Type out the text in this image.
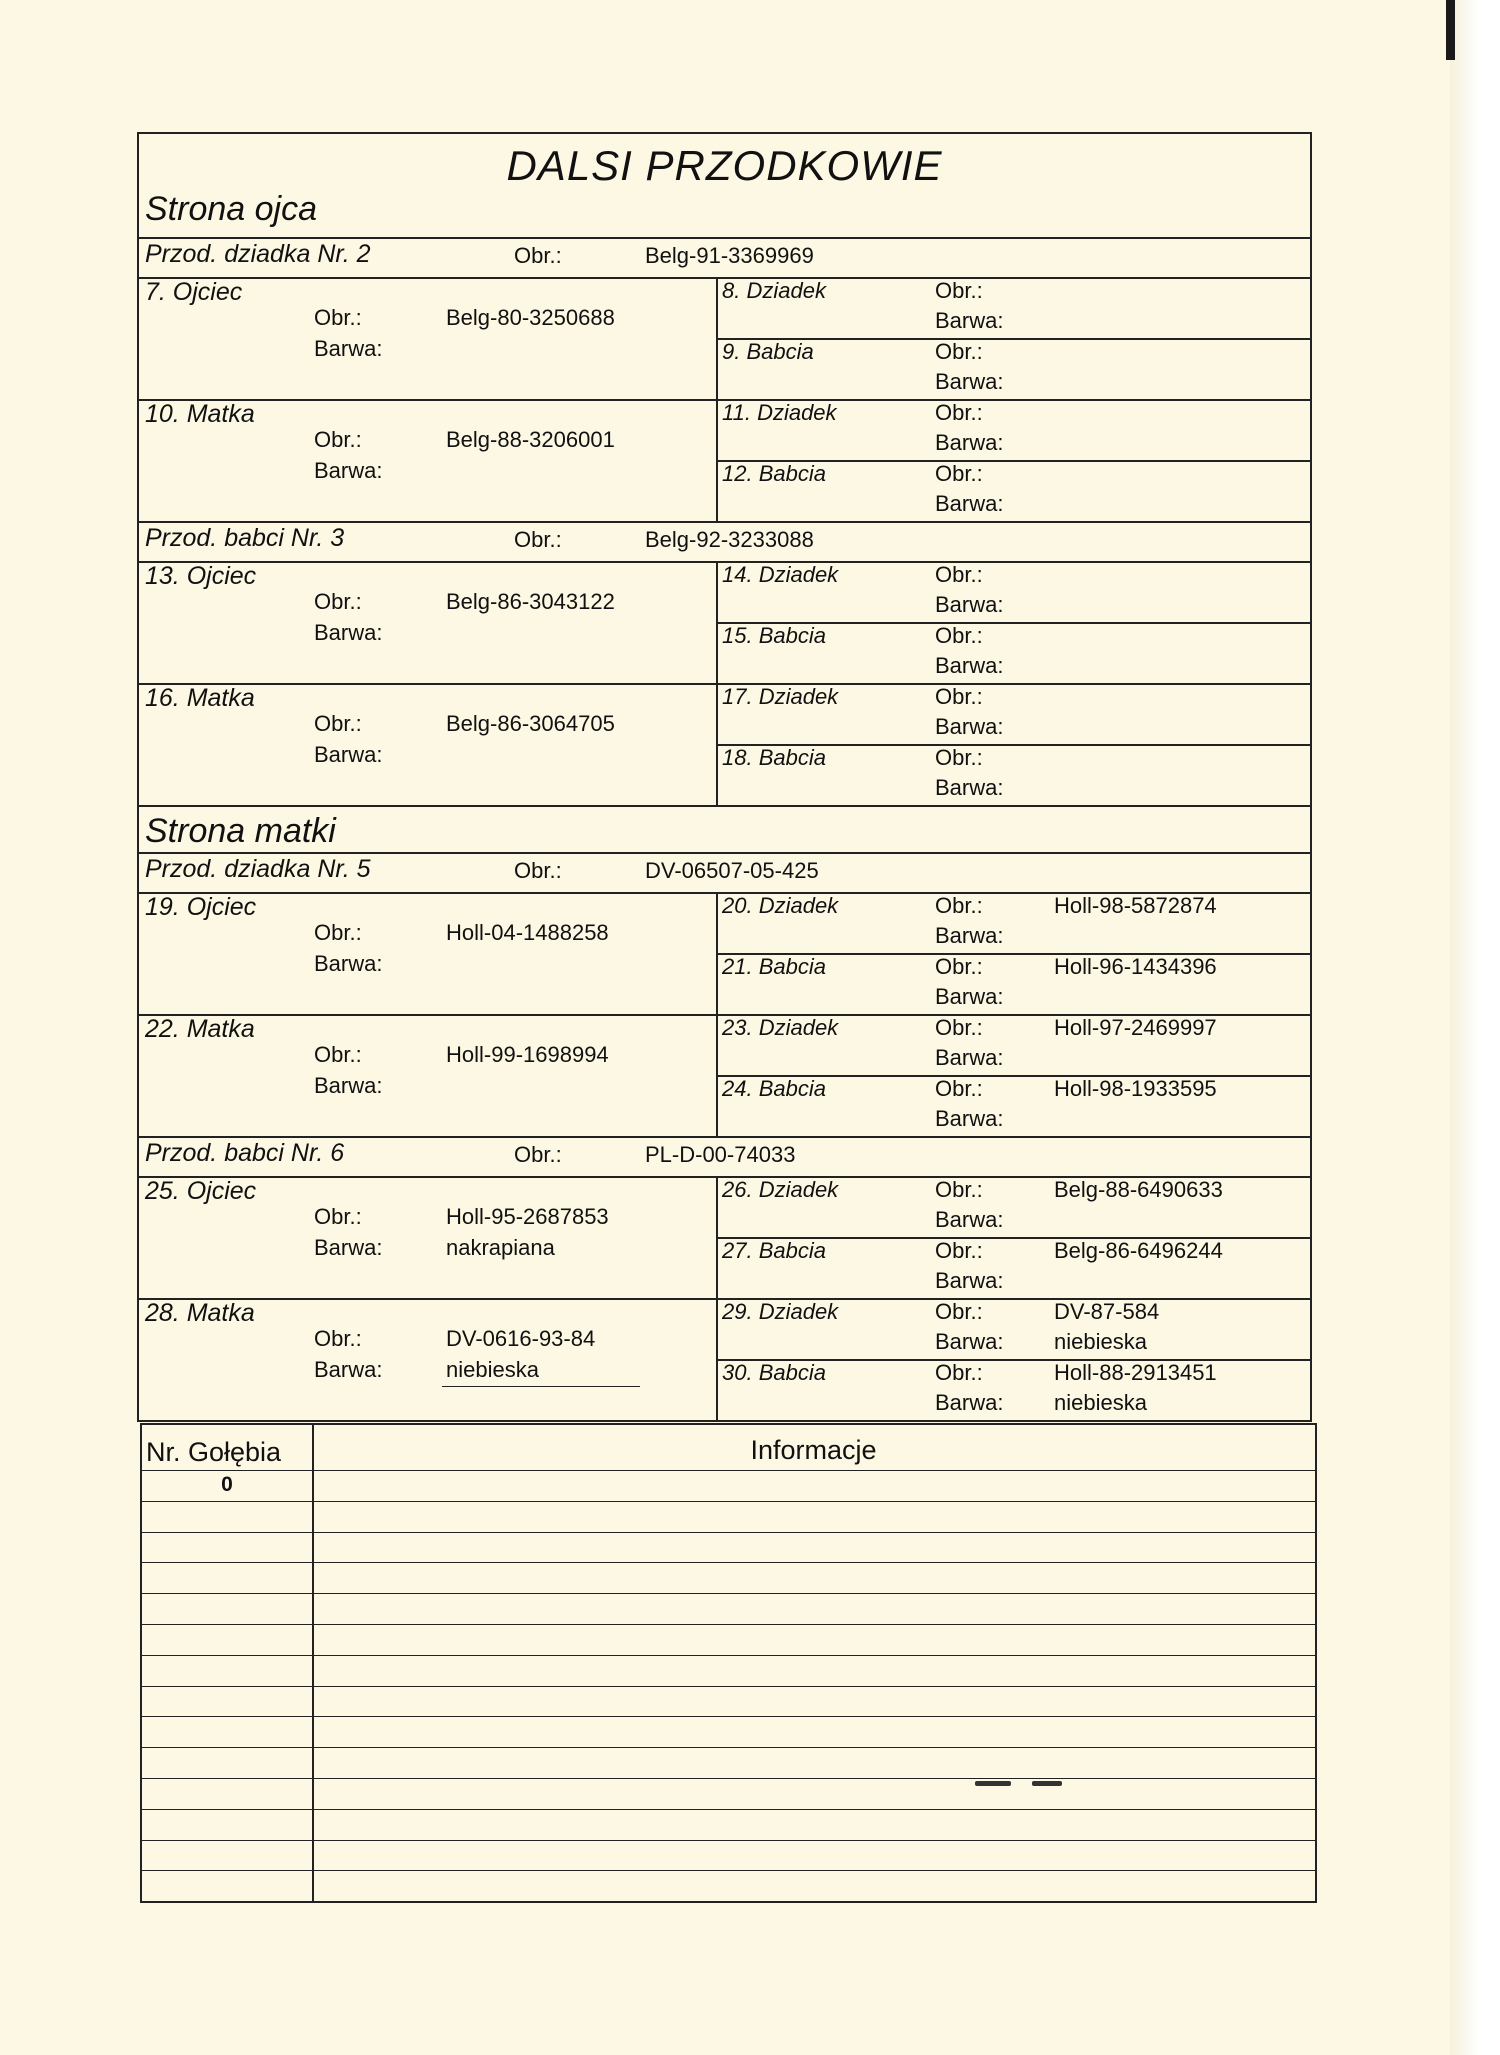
DALSI PRZODKOWIE
Strona ojca
Przod. dziadka Nr. 2	Obr.:	Belg-91-3369969
7. Ojciec
Obr.:	Belg-80-3250688
Barwa:
10. Matka
Obr.:	Belg-88-3206001
Barwa:
8. Dziadek	Obr.:
Barwa:
9. Babcia	Obr.:
Barwa:
11. Dziadek	Obr.:
Barwa:
12. Babcia	Obr.:
Barwa:
Przod. babci Nr. 3	Obr.:	Belg-92-3233088
13. Ojciec
Obr.:	Belg-86-3043122
Barwa:
16. Matka
Obr.:	Belg-86-3064705
Barwa:
14. Dziadek	Obr.:
Barwa:
15. Babcia	Obr.:
Barwa:
17. Dziadek	Obr.:
Barwa:
18. Babcia	Obr.:
Barwa:
Strona matki
Przod. dziadka Nr. 5	Obr.:	DV-06507-05-425
19. Ojciec
Obr.:	Holl-04-1488258
Barwa:
22. Matka
Obr.:	Holl-99-1698994
Barwa:
20. Dziadek	Obr.:	Holl-98-5872874
Barwa:
21. Babcia	Obr.:	Holl-96-1434396
Barwa:
23. Dziadek	Obr.:	Holl-97-2469997
Barwa:
24. Babcia	Obr.:	Holl-98-1933595
Barwa:
Przod. babci Nr. 6	Obr.:	PL-D-00-74033
25. Ojciec
Obr.:	Holl-95-2687853
Barwa:	nakrapiana
28. Matka
Obr.:	DV-0616-93-84
Barwa:	niebieska
26. Dziadek	Obr.:	Belg-88-6490633
Barwa:
27. Babcia	Obr.:	Belg-86-6496244
Barwa:
29. Dziadek	Obr.:	DV-87-584
Barwa: niebieska
30. Babcia	Obr.:	Holl-88-2913451
Barwa: niebieska
Nr. Gołębia	Informacje
0
